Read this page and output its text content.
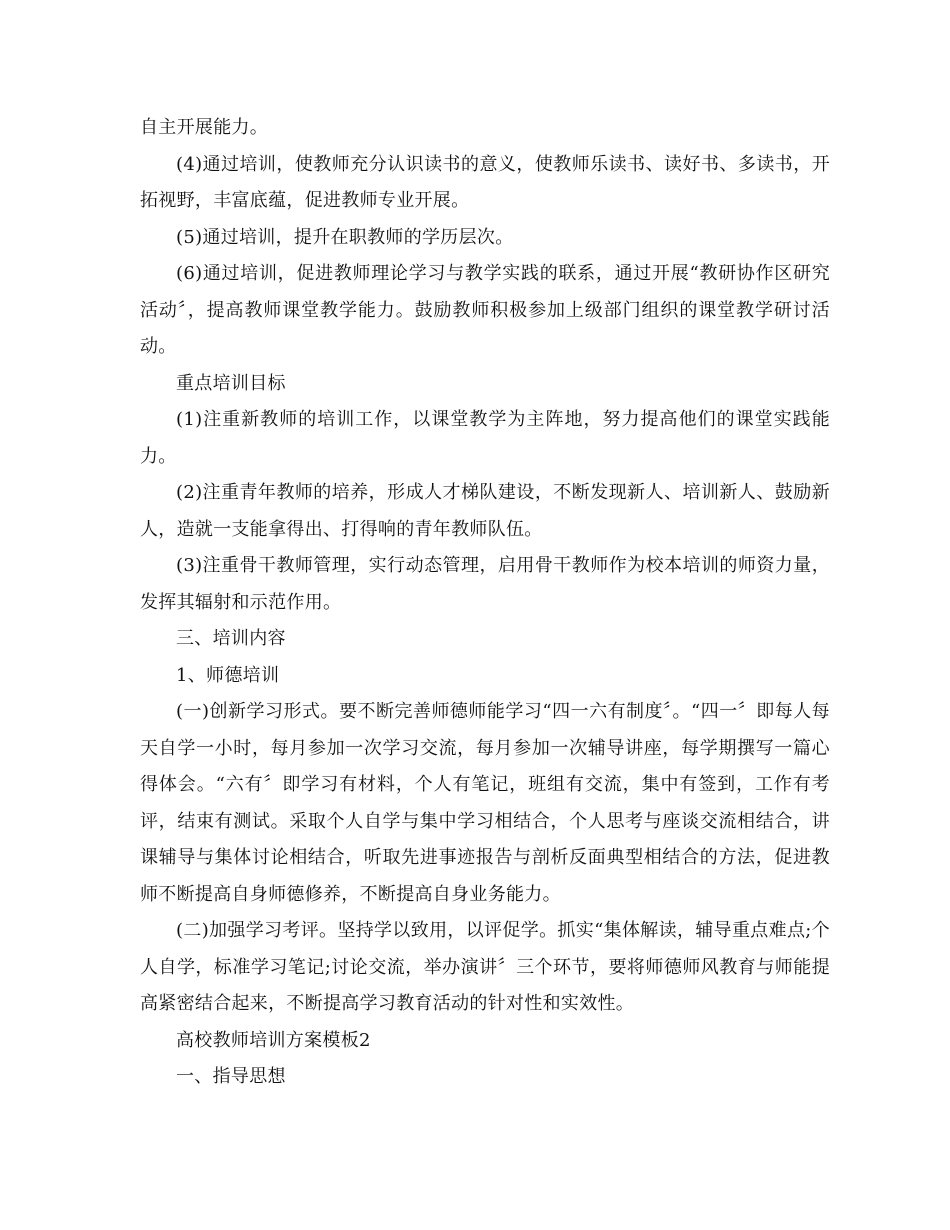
自主开展能力。

(4)通过培训，使教师充分认识读书的意义，使教师乐读书、读好书、多读书，开拓视野，丰富底蕴，促进教师专业开展。

(5)通过培训，提升在职教师的学历层次。

(6)通过培训，促进教师理论学习与教学实践的联系，通过开展“教研协作区研究活动〞，提高教师课堂教学能力。鼓励教师积极参加上级部门组织的课堂教学研讨活动。

重点培训目标

(1)注重新教师的培训工作，以课堂教学为主阵地，努力提高他们的课堂实践能力。

(2)注重青年教师的培养，形成人才梯队建设，不断发现新人、培训新人、鼓励新人，造就一支能拿得出、打得响的青年教师队伍。

(3)注重骨干教师管理，实行动态管理，启用骨干教师作为校本培训的师资力量，发挥其辐射和示范作用。

三、培训内容

1、师德培训

(一)创新学习形式。要不断完善师德师能学习“四一六有制度〞。“四一〞即每人每天自学一小时，每月参加一次学习交流，每月参加一次辅导讲座，每学期撰写一篇心得体会。“六有〞即学习有材料，个人有笔记，班组有交流，集中有签到，工作有考评，结束有测试。采取个人自学与集中学习相结合，个人思考与座谈交流相结合，讲课辅导与集体讨论相结合，听取先进事迹报告与剖析反面典型相结合的方法，促进教师不断提高自身师德修养，不断提高自身业务能力。

(二)加强学习考评。坚持学以致用，以评促学。抓实“集体解读，辅导重点难点;个人自学，标准学习笔记;讨论交流，举办演讲〞三个环节，要将师德师风教育与师能提高紧密结合起来，不断提高学习教育活动的针对性和实效性。

高校教师培训方案模板2

一、指导思想
